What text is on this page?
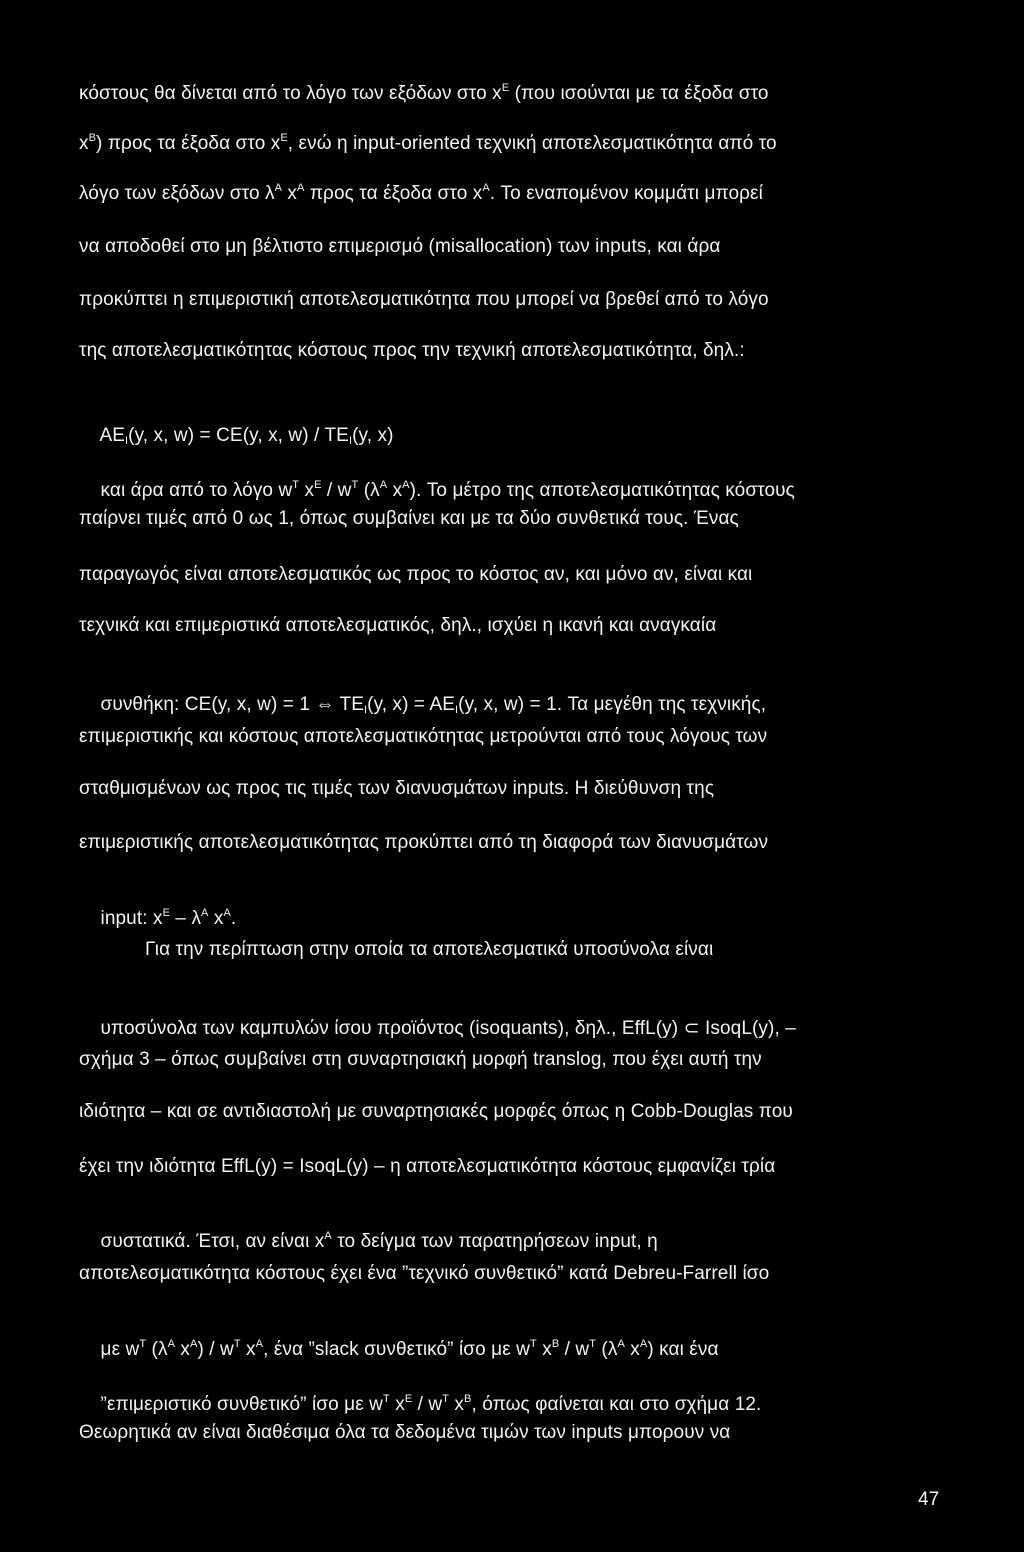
κόστους θα δίνεται από το λόγο των εξόδων στο $x^E$ (που ισούνται με τα έξοδα στο
$x^B$) προς τα έξοδα στο $x^E$, ενώ η input-oriented τεχνική αποτελεσματικότητα από το
λόγο των εξόδων στο $\lambda^A$ $x^A$ προς τα έξοδα στο $x^A$. Το εναπομένον κομμάτι μπορεί
να αποδοθεί στο μη βέλτιστο επιμερισμό (misallocation) των inputs, και άρα
προκύπτει η επιμεριστική αποτελεσματικότητα που μπορεί να βρεθεί από το λόγο
της αποτελεσματικότητας κόστους προς την τεχνική αποτελεσματικότητα, δηλ.:

$AE_I(y$, x, w) = CE(y, x, $w) / TE_I(y$, x)

και άρα από το λόγο $w^T$ $x^E / w^T$ ($\lambda^A$ $x^A$). Το μέτρο της αποτελεσματικότητας κόστους

παίρνει τιμές από 0 ως 1, όπως συμβαίνει και με τα δύο συνθετικά τους. Ένας
παραγωγός είναι αποτελεσματικός ως προς το κόστος αν, και μόνο αν, είναι και
τεχνικά και επιμεριστικά αποτελεσματικός, δηλ., ισχύει η ικανή και αναγκαία

συνθήκη: CE(y, x, w) = 1 ⇔ $TE_I(y$, $x) = AE_I(y$, x, w) = 1. Τα μεγέθη της τεχνικής,

επιμεριστικής και κόστους αποτελεσματικότητας μετρούνται από τους λόγους των
σταθμισμένων ως προς τις τιμές των διανυσμάτων inputs. Η διεύθυνση της
επιμεριστικής αποτελεσματικότητας προκύπτει από τη διαφορά των διανυσμάτων

input: $x^E - \lambda^A$ $x^A$.

Για την περίπτωση στην οποία τα αποτελεσματικά υποσύνολα είναι

υποσύνολα των καμπυλών ίσου προϊόντος (isoquants), δηλ., EffL(y) ⊂ IsoqL(y), –

σχήμα 3 – όπως συμβαίνει στη συναρτησιακή μορφή translog, που έχει αυτή την
ιδιότητα – και σε αντιδιαστολή με συναρτησιακές μορφές όπως η Cobb-Douglas που
έχει την ιδιότητα EffL(y) = IsoqL(y) – η αποτελεσματικότητα κόστους εμφανίζει τρία

συστατικά. Έτσι, αν είναι $x^A$ το δείγμα των παρατηρήσεων input, η

αποτελεσματικότητα κόστους έχει ένα ”τεχνικό συνθετικό” κατά Debreu-Farrell ίσο

με $w^T$ ($\lambda^A$ $x^A) / w^T$ $x^A$, ένα ”slack συνθετικό” ίσο με $w^T$ $x^B / w^T$ ($\lambda^A$ $x^A$) και ένα

”επιμεριστικό συνθετικό” ίσο με $w^T$ $x^E / w^T$ $x^B$, όπως φαίνεται και στο σχήμα 12.

Θεωρητικά αν είναι διαθέσιμα όλα τα δεδομένα τιμών των inputs μπορουν να
47
